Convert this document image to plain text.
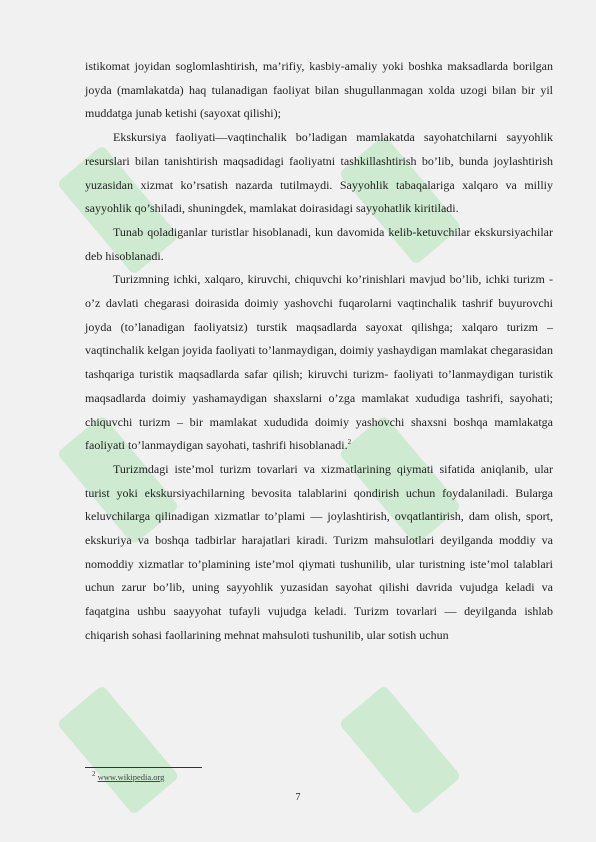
istikomat joyidan soglomlashtirish, ma’rifiy, kasbiy-amaliy yoki boshka maksadlarda borilgan joyda (mamlakatda) haq tulanadigan faoliyat bilan shugullanmagan xolda uzogi bilan bir yil muddatga junab ketishi (sayoxat qilishi);

Ekskursiya faoliyati—vaqtinchalik bo’ladigan mamlakatda sayohatchilarni sayyohlik resurslari bilan tanishtirish maqsadidagi faoliyatni tashkillashtirish bo’lib, bunda joylashtirish yuzasidan xizmat ko’rsatish nazarda tutilmaydi. Sayyohlik tabaqalariga xalqaro va milliy sayyohlik qo’shiladi, shuningdek, mamlakat doirasidagi sayyohatlik kiritiladi.

Tunab qoladiganlar turistlar hisoblanadi, kun davomida kelib-ketuvchilar ekskursiyachilar deb hisoblanadi.

Turizmning ichki, xalqaro, kiruvchi, chiquvchi ko’rinishlari mavjud bo’lib, ichki turizm - o’z davlati chegarasi doirasida doimiy yashovchi fuqarolarni vaqtinchalik tashrif buyurovchi joyda (to’lanadigan faoliyatsiz) turstik maqsadlarda sayoxat qilishga; xalqaro turizm –vaqtinchalik kelgan joyida faoliyati to’lanmaydigan, doimiy yashaydigan mamlakat chegarasidan tashqariga turistik maqsadlarda safar qilish; kiruvchi turizm- faoliyati to’lanmaydigan turistik maqsadlarda doimiy yashamaydigan shaxslarni o’zga mamlakat xududiga tashrifi, sayohati; chiquvchi turizm – bir mamlakat xududida doimiy yashovchi shaxsni boshqa mamlakatga faoliyati to’lanmaydigan sayohati, tashrifi hisoblanadi.$^2$

Turizmdagi iste’mol turizm tovarlari va xizmatlarining qiymati sifatida aniqlanib, ular turist yoki ekskursiyachilarning bevosita talablarini qondirish uchun foydalaniladi. Bularga keluvchilarga qilinadigan xizmatlar to’plami — joylashtirish, ovqatlantirish, dam olish, sport, ekskuriya va boshqa tadbirlar harajatlari kiradi. Turizm mahsulotlari deyilganda moddiy va nomoddiy xizmatlar to’plamining iste’mol qiymati tushunilib, ular turistning iste’mol talablari uchun zarur bo’lib, uning sayyohlik yuzasidan sayohat qilishi davrida vujudga keladi va faqatgina ushbu saayyohat tufayli vujudga keladi. Turizm tovarlari — deyilganda ishlab chiqarish sohasi faollarining mehnat mahsuloti tushunilib, ular sotish uchun

$^2$ www.wikipedia.org
7
